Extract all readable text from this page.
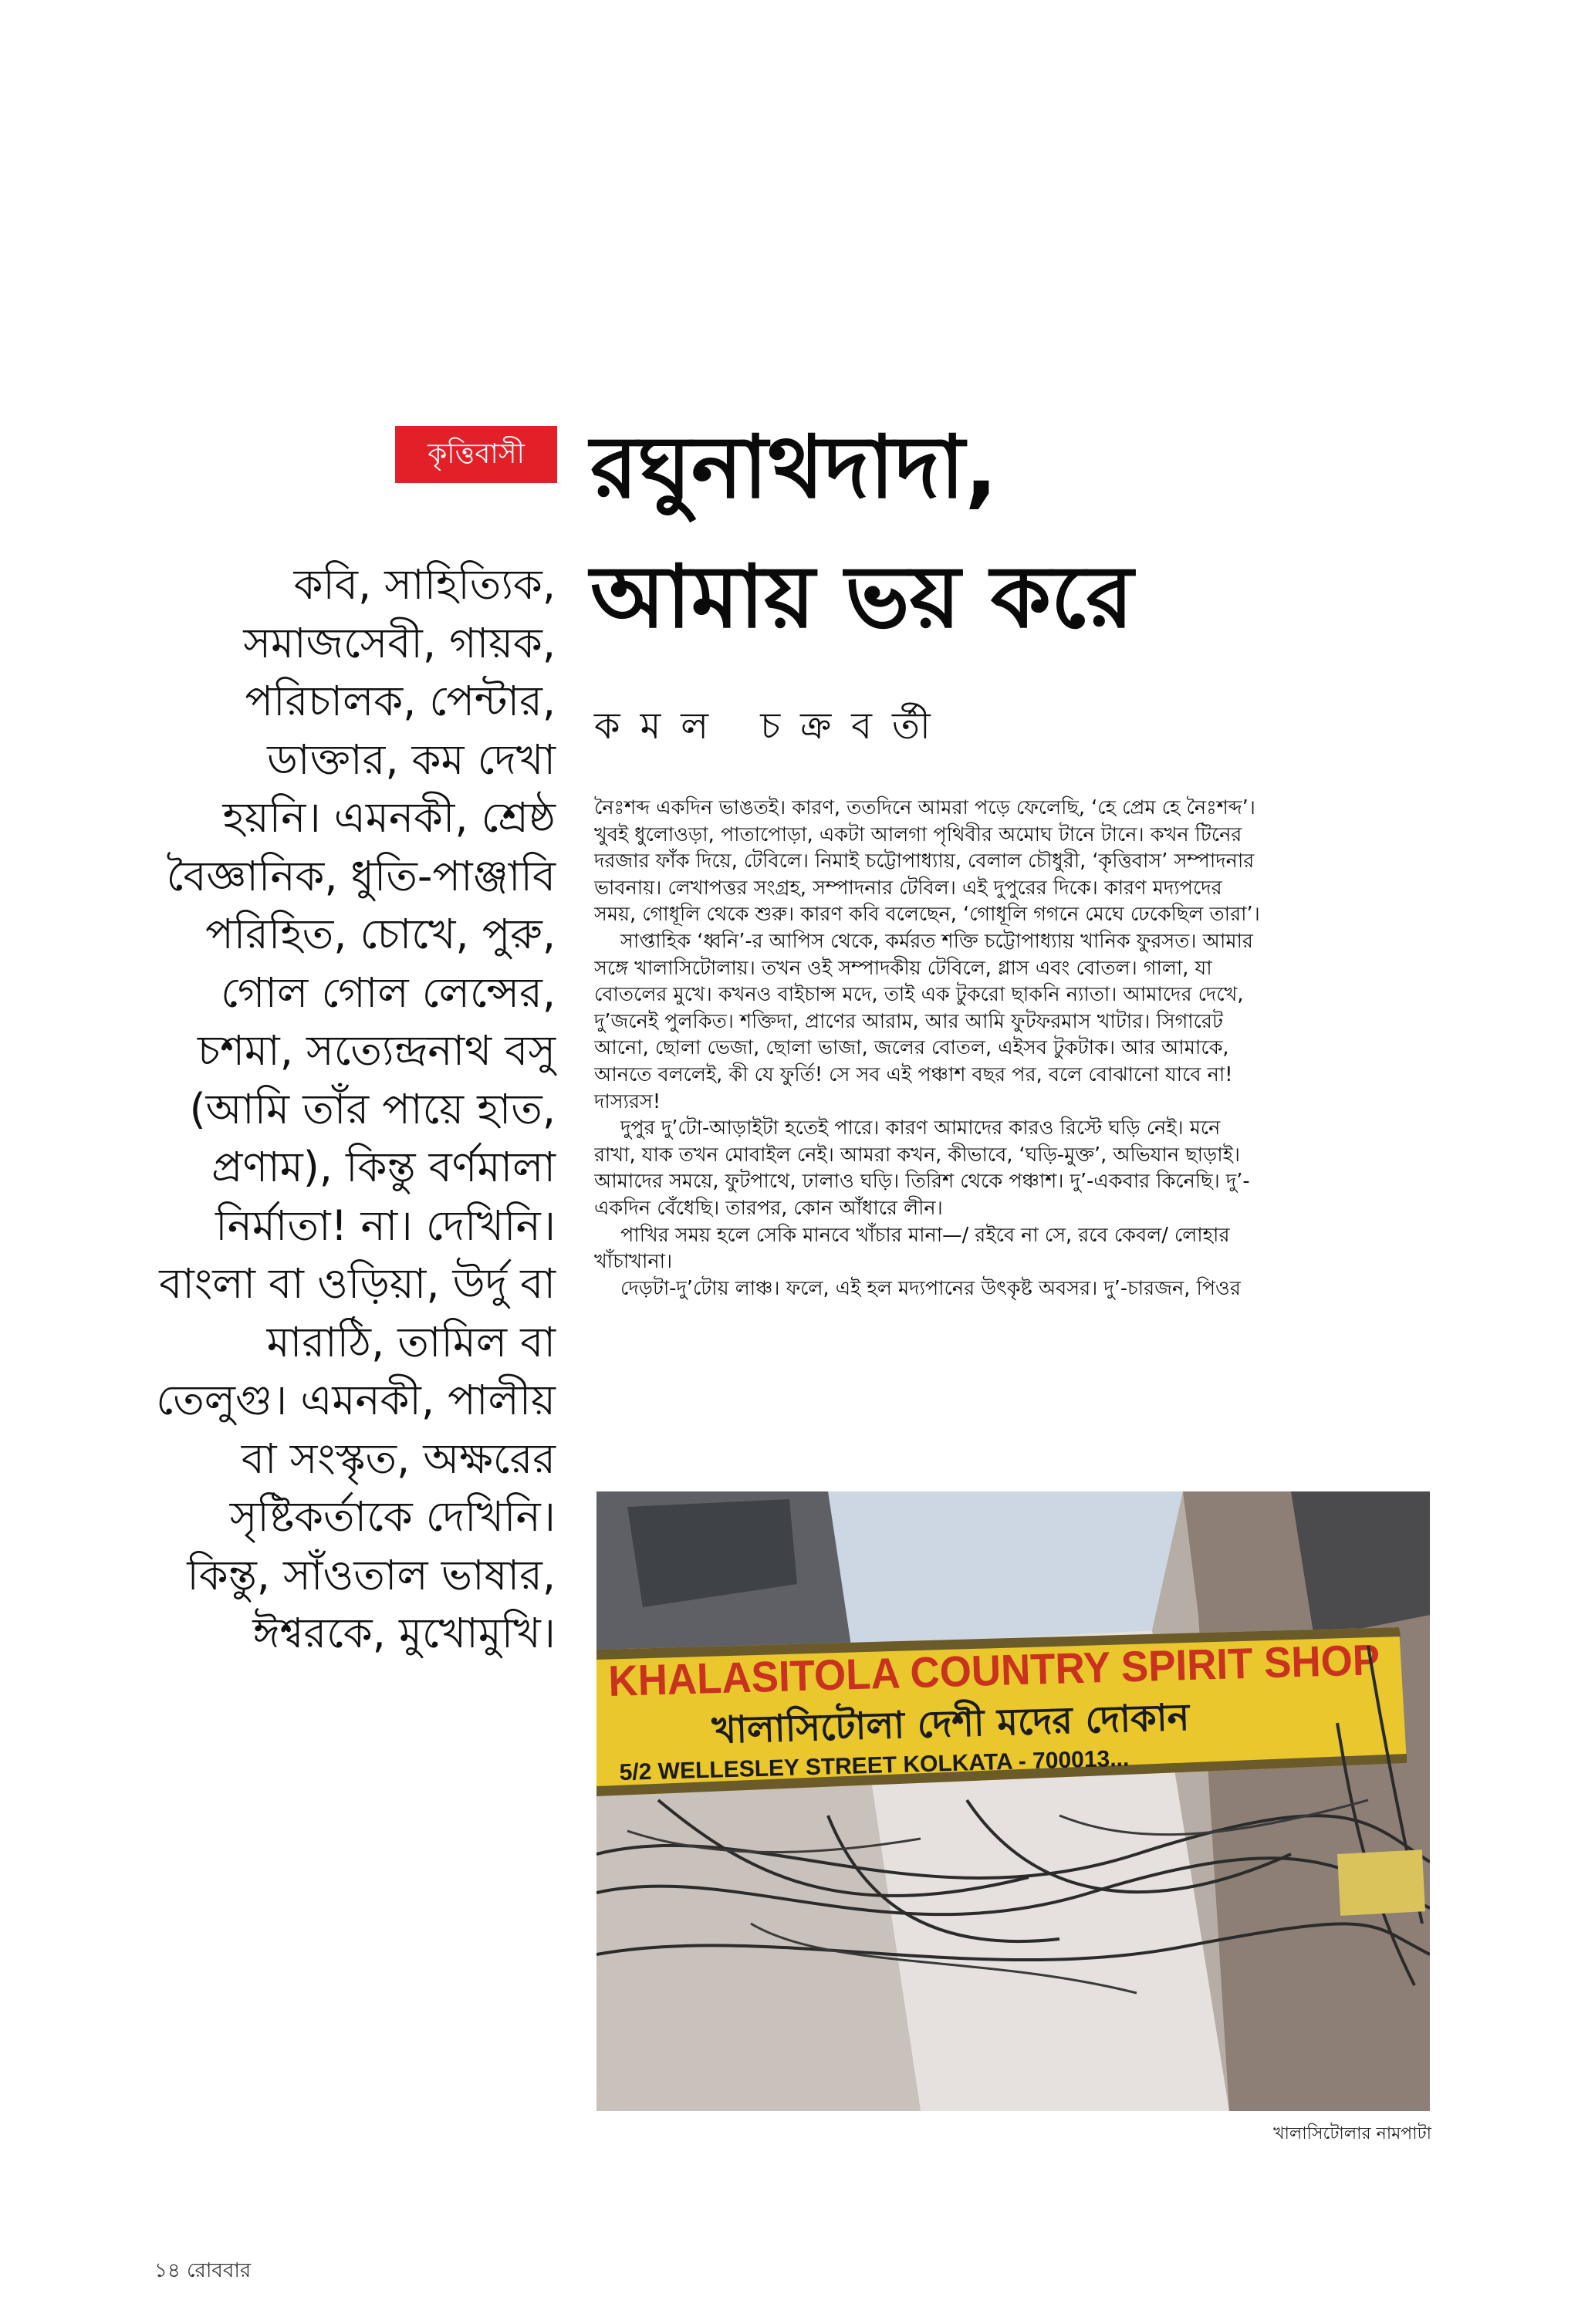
কৃত্তিবাসী রঘুনাথদাদা,
আমায় ভয় করে
কমল চক্রবর্তী
কবি, সাহিত্যিক,
সমাজসেবী, গায়ক,
পরিচালক, পেন্টার,
ডাক্তার, কম দেখা
হয়নি। এমনকী, শ্রেষ্ঠ
বৈজ্ঞানিক, ধুতি-পাঞ্জাবি
পরিহিত, চোখে, পুরু,
গোল গোল লেন্সের,
চশমা, সত্যেন্দ্রনাথ বসু
(আমি তাঁর পায়ে হাত,
প্রণাম), কিন্তু বর্ণমালা
নির্মাতা! না। দেখিনি।
বাংলা বা ওড়িয়া, উর্দু বা
মারাঠি, তামিল বা
তেলুগু। এমনকী, পালীয়
বা সংস্কৃত, অক্ষরের
সৃষ্টিকর্তাকে দেখিনি।
কিন্তু, সাঁওতাল ভাষার,
ঈশ্বরকে, মুখোমুখি।
নৈঃশব্দ একদিন ভাঙতই। কারণ, ততদিনে আমরা পড়ে ফেলেছি, ‘হে প্রেম হে নৈঃশব্দ’।
খুবই ধুলোওড়া, পাতাপোড়া, একটা আলগা পৃথিবীর অমোঘ টানে টানে। কখন টিনের
দরজার ফাঁক দিয়ে, টেবিলে। নিমাই চট্টোপাধ্যায়, বেলাল চৌধুরী, ‘কৃত্তিবাস’ সম্পাদনার
ভাবনায়। লেখাপত্তর সংগ্রহ, সম্পাদনার টেবিল। এই দুপুরের দিকে। কারণ মদ্যপদের
সময়, গোধূলি থেকে শুরু। কারণ কবি বলেছেন, ‘গোধূলি গগনে মেঘে ঢেকেছিল তারা’।
সাপ্তাহিক ‘ধ্বনি’-র আপিস থেকে, কর্মরত শক্তি চট্টোপাধ্যায় খানিক ফুরসত। আমার
সঙ্গে খালাসিটোলায়। তখন ওই সম্পাদকীয় টেবিলে, গ্লাস এবং বোতল। গালা, যা
বোতলের মুখে। কখনও বাইচান্স মদে, তাই এক টুকরো ছাকনি ন্যাতা। আমাদের দেখে,
দু’জনেই পুলকিত। শক্তিদা, প্রাণের আরাম, আর আমি ফুটফরমাস খাটার। সিগারেট
আনো, ছোলা ভেজা, ছোলা ভাজা, জলের বোতল, এইসব টুকটাক। আর আমাকে,
আনতে বললেই, কী যে ফুর্তি! সে সব এই পঞ্চাশ বছর পর, বলে বোঝানো যাবে না!
দাস্যরস!
দুপুর দু’টো-আড়াইটা হতেই পারে। কারণ আমাদের কারও রিস্টে ঘড়ি নেই। মনে
রাখা, যাক তখন মোবাইল নেই। আমরা কখন, কীভাবে, ‘ঘড়ি-মুক্ত’, অভিযান ছাড়াই।
আমাদের সময়ে, ফুটপাথে, ঢালাও ঘড়ি। তিরিশ থেকে পঞ্চাশ। দু’-একবার কিনেছি। দু’-
একদিন বেঁধেছি। তারপর, কোন আঁধারে লীন।
পাখির সময় হলে সেকি মানবে খাঁচার মানা—/ রইবে না সে, রবে কেবল/ লোহার
খাঁচাখানা।
দেড়টা-দু’টোয় লাঞ্চ। ফলে, এই হল মদ্যপানের উৎকৃষ্ট অবসর। দু’-চারজন, পিওর
KHALASITOLA COUNTRY SPIRIT SHOP
খালাসিটোলা দেশী মদের দোকান
5/2 WELLESLEY STREET KOLKATA - 700013...
খালাসিটোলার নামপাটা
১৪ রোববার
